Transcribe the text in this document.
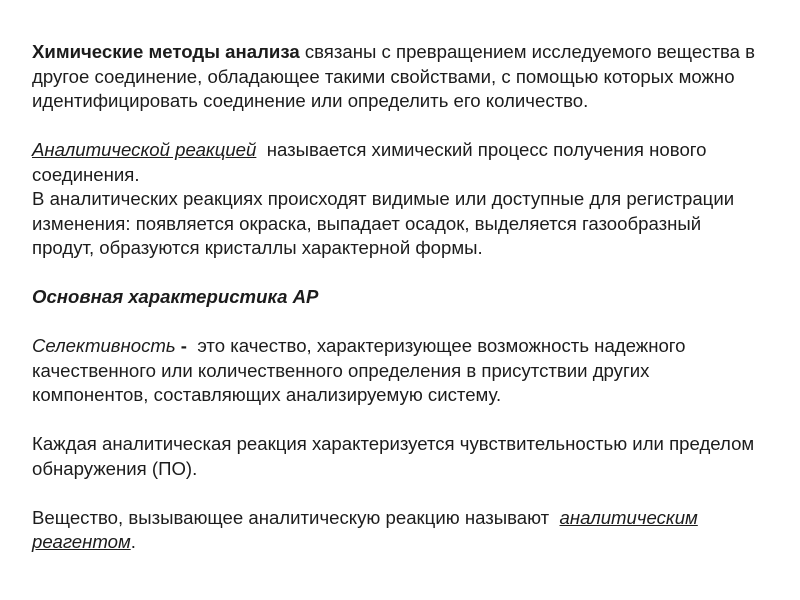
Химические методы анализа связаны с превращением исследуемого вещества в другое соединение, обладающее такими свойствами, с помощью которых можно идентифицировать соединение или определить его количество.

Аналитической реакцией  называется химический процесс получения нового соединения.

В аналитических реакциях происходят видимые или доступные для регистрации изменения: появляется окраска, выпадает осадок, выделяется газообразный продут, образуются кристаллы характерной формы.

Основная характеристика АР

Селективность -  это качество, характеризующее возможность надежного качественного или количественного определения в присутствии других компонентов, составляющих анализируемую систему.

Каждая аналитическая реакция характеризуется чувствительностью или пределом обнаружения (ПО).

Вещество, вызывающее аналитическую реакцию называют  аналитическим реагентом.
